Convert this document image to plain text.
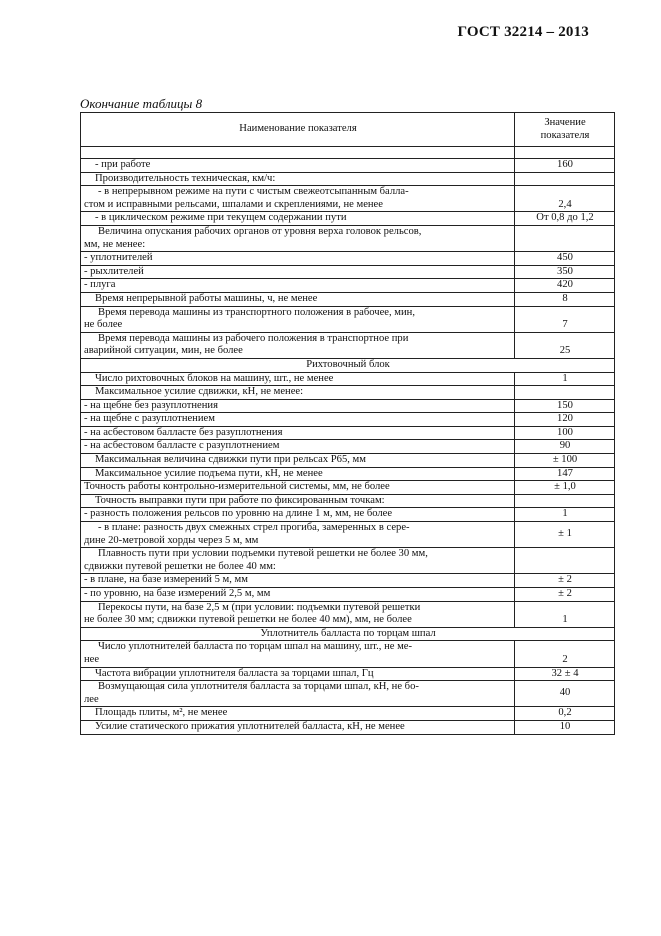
ГОСТ 32214 – 2013
Окончание таблицы 8
Наименование показателя	Значение
показателя

- при работе	160
Производительность техническая, км/ч:	
- в непрерывном режиме на пути с чистым свежеотсыпанным балла-
стом и исправными рельсами, шпалами и скреплениями, не менее	2,4
- в циклическом режиме при текущем содержании пути	От 0,8 до 1,2
Величина опускания рабочих органов от уровня верха головок рельсов,
мм, не менее:	
- уплотнителей	450
- рыхлителей	350
- плуга	420
Время непрерывной работы машины, ч, не менее	8
Время перевода машины из транспортного положения в рабочее, мин,
не более	7
Время перевода машины из рабочего положения в транспортное при
аварийной ситуации, мин, не более	25
Рихтовочный блок	
Число рихтовочных блоков на машину, шт., не менее	1
Максимальное усилие сдвижки, кН, не менее:	
- на щебне без разуплотнения	150
- на щебне с разуплотнением	120
- на асбестовом балласте без разуплотнения	100
- на асбестовом балласте с разуплотнением	90
Максимальная величина сдвижки пути при рельсах Р65, мм	± 100
Максимальное усилие подъема пути, кН, не менее	147
Точность работы контрольно-измерительной системы, мм, не более	± 1,0
Точность выправки пути при работе по фиксированным точкам:	
- разность положения рельсов по уровню на длине 1 м, мм, не более	1
- в плане: разность двух смежных стрел прогиба, замеренных в сере-
дине 20-метровой хорды через 5 м, мм	± 1
Плавность пути при условии подъемки путевой решетки не более 30 мм,
сдвижки путевой решетки не более 40 мм:	
- в плане, на базе измерений 5 м, мм	± 2
- по уровню, на базе измерений 2,5 м, мм	± 2
Перекосы пути, на базе 2,5 м (при условии: подъемки путевой решетки
не более 30 мм; сдвижки путевой решетки не более 40 мм), мм, не более	1
Уплотнитель балласта по торцам шпал	
Число уплотнителей балласта по торцам шпал на машину, шт., не ме-
нее	2
Частота вибрации уплотнителя балласта за торцами шпал, Гц	32 ± 4
Возмущающая сила уплотнителя балласта за торцами шпал, кН, не бо-
лее	40
Площадь плиты, м², не менее	0,2
Усилие статического прижатия уплотнителей балласта, кН, не менее	10
